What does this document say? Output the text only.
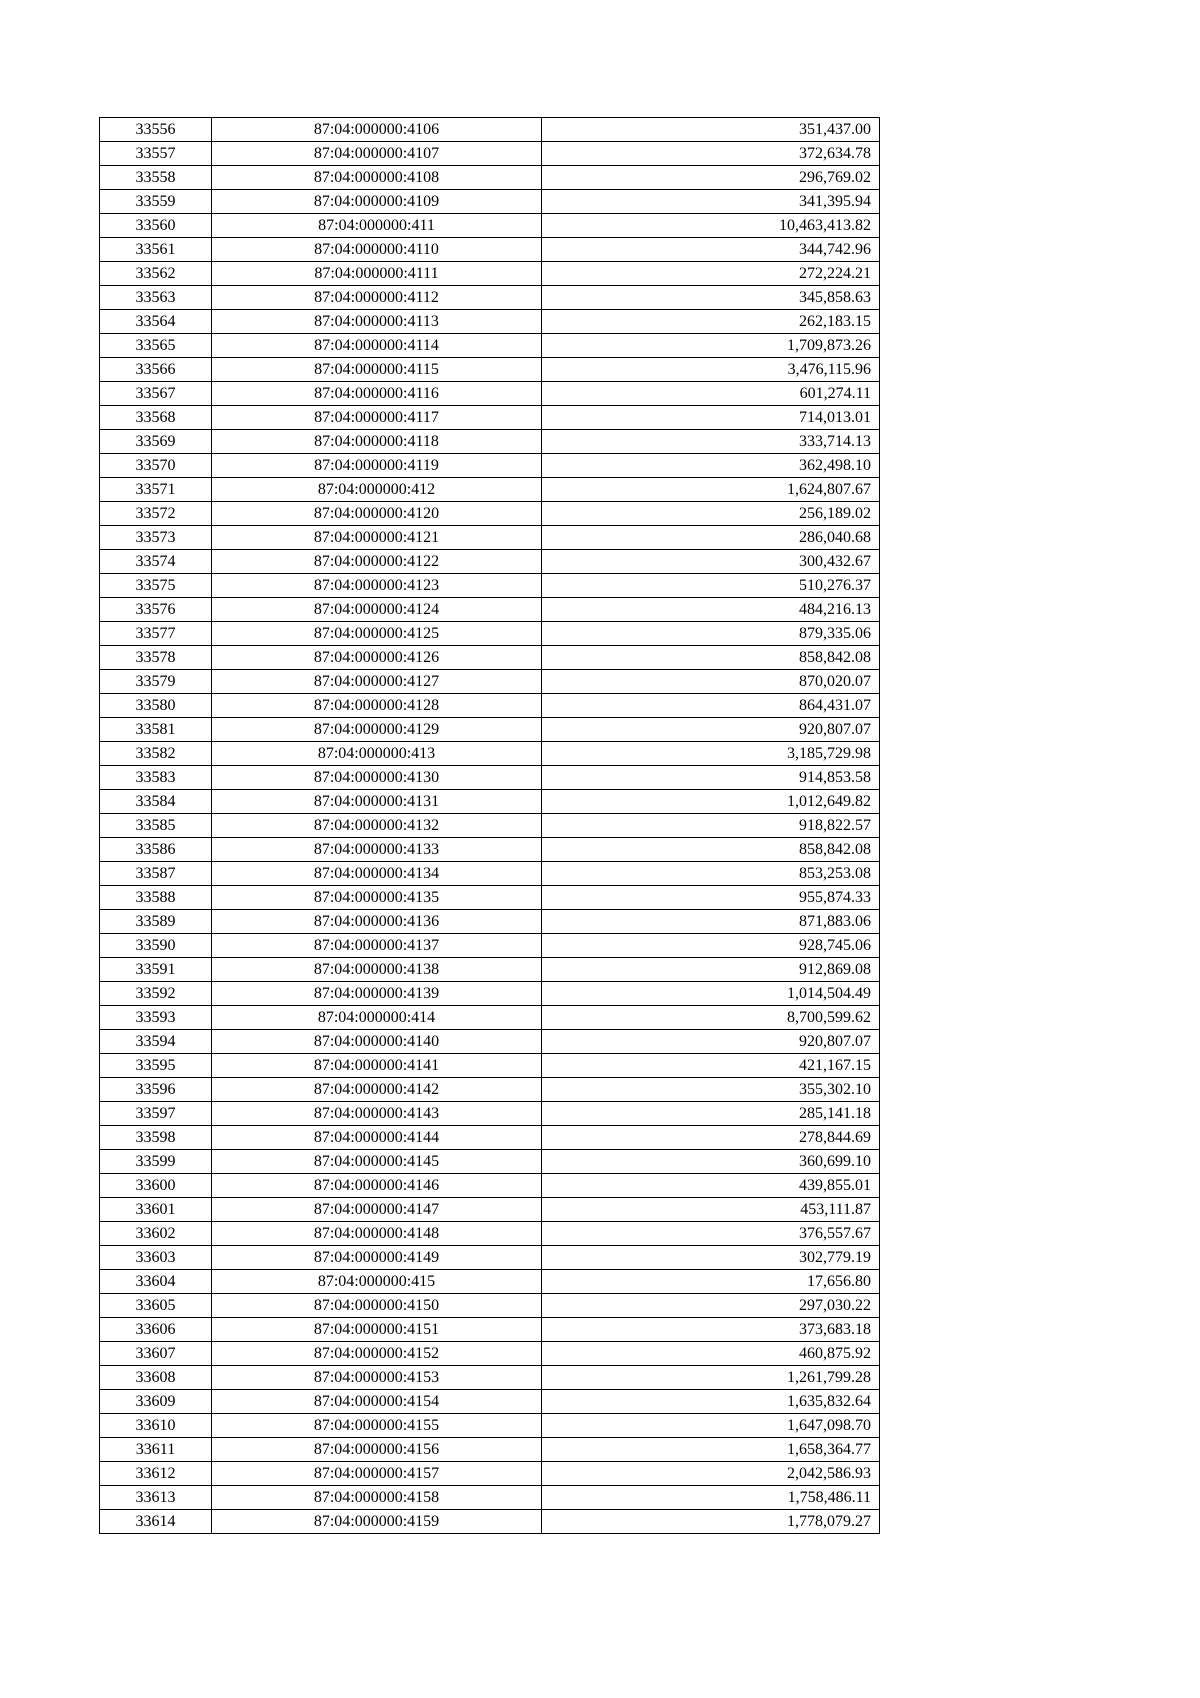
33556	87:04:000000:4106	351,437.00
33557	87:04:000000:4107	372,634.78
33558	87:04:000000:4108	296,769.02
33559	87:04:000000:4109	341,395.94
33560	87:04:000000:411	10,463,413.82
33561	87:04:000000:4110	344,742.96
33562	87:04:000000:4111	272,224.21
33563	87:04:000000:4112	345,858.63
33564	87:04:000000:4113	262,183.15
33565	87:04:000000:4114	1,709,873.26
33566	87:04:000000:4115	3,476,115.96
33567	87:04:000000:4116	601,274.11
33568	87:04:000000:4117	714,013.01
33569	87:04:000000:4118	333,714.13
33570	87:04:000000:4119	362,498.10
33571	87:04:000000:412	1,624,807.67
33572	87:04:000000:4120	256,189.02
33573	87:04:000000:4121	286,040.68
33574	87:04:000000:4122	300,432.67
33575	87:04:000000:4123	510,276.37
33576	87:04:000000:4124	484,216.13
33577	87:04:000000:4125	879,335.06
33578	87:04:000000:4126	858,842.08
33579	87:04:000000:4127	870,020.07
33580	87:04:000000:4128	864,431.07
33581	87:04:000000:4129	920,807.07
33582	87:04:000000:413	3,185,729.98
33583	87:04:000000:4130	914,853.58
33584	87:04:000000:4131	1,012,649.82
33585	87:04:000000:4132	918,822.57
33586	87:04:000000:4133	858,842.08
33587	87:04:000000:4134	853,253.08
33588	87:04:000000:4135	955,874.33
33589	87:04:000000:4136	871,883.06
33590	87:04:000000:4137	928,745.06
33591	87:04:000000:4138	912,869.08
33592	87:04:000000:4139	1,014,504.49
33593	87:04:000000:414	8,700,599.62
33594	87:04:000000:4140	920,807.07
33595	87:04:000000:4141	421,167.15
33596	87:04:000000:4142	355,302.10
33597	87:04:000000:4143	285,141.18
33598	87:04:000000:4144	278,844.69
33599	87:04:000000:4145	360,699.10
33600	87:04:000000:4146	439,855.01
33601	87:04:000000:4147	453,111.87
33602	87:04:000000:4148	376,557.67
33603	87:04:000000:4149	302,779.19
33604	87:04:000000:415	17,656.80
33605	87:04:000000:4150	297,030.22
33606	87:04:000000:4151	373,683.18
33607	87:04:000000:4152	460,875.92
33608	87:04:000000:4153	1,261,799.28
33609	87:04:000000:4154	1,635,832.64
33610	87:04:000000:4155	1,647,098.70
33611	87:04:000000:4156	1,658,364.77
33612	87:04:000000:4157	2,042,586.93
33613	87:04:000000:4158	1,758,486.11
33614	87:04:000000:4159	1,778,079.27
